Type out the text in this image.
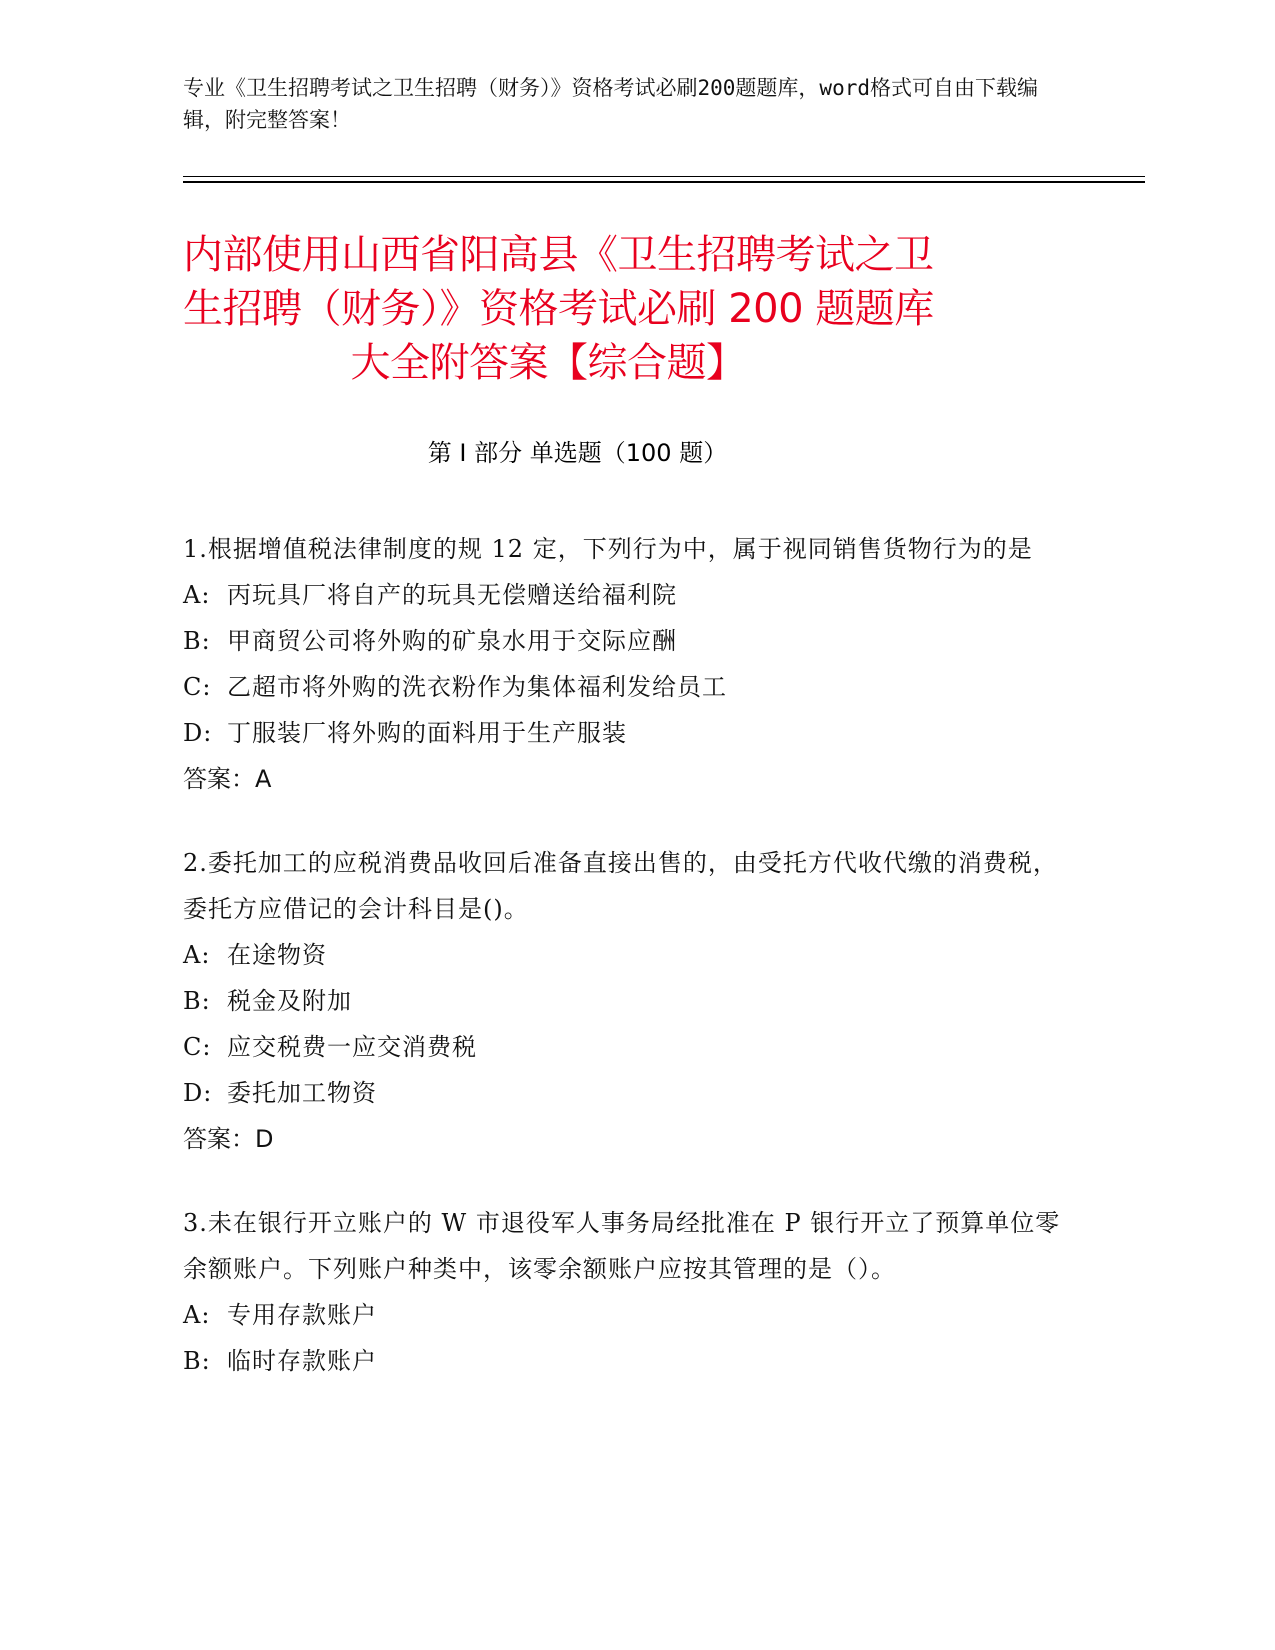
专业《卫生招聘考试之卫生招聘（财务）》资格考试必刷200题题库，word格式可自由下载编辑，附完整答案！
内部使用山西省阳高县《卫生招聘考试之卫
生招聘（财务）》资格考试必刷 200 题题库
大全附答案【综合题】
第 I 部分 单选题（100 题）
1.根据增值税法律制度的规 12 定，下列行为中，属于视同销售货物行为的是
A: 丙玩具厂将自产的玩具无偿赠送给福利院
B: 甲商贸公司将外购的矿泉水用于交际应酬
C: 乙超市将外购的洗衣粉作为集体福利发给员工
D: 丁服装厂将外购的面料用于生产服装
答案：A
2.委托加工的应税消费品收回后准备直接出售的，由受托方代收代缴的消费税，委托方应借记的会计科目是()。
A: 在途物资
B: 税金及附加
C: 应交税费一应交消费税
D: 委托加工物资
答案：D
3.未在银行开立账户的 W 市退役军人事务局经批准在 P 银行开立了预算单位零余额账户。下列账户种类中，该零余额账户应按其管理的是（）。
A: 专用存款账户
B: 临时存款账户
